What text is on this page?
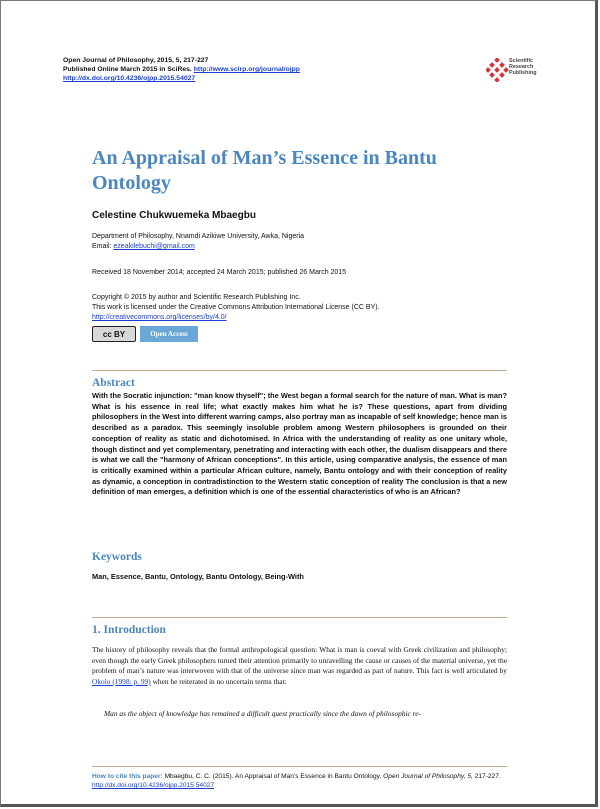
Open Journal of Philosophy, 2015, 5, 217-227
Published Online March 2015 in SciRes. http://www.scirp.org/journal/ojpp
http://dx.doi.org/10.4236/ojpp.2015.54027
Scientific
Research
Publishing
An Appraisal of Man’s Essence in Bantu Ontology
Celestine Chukwuemeka Mbaegbu
Department of Philosophy, Nnamdi Azikiwe University, Awka, Nigeria
Email: ezeakilebuchi@gmail.com
Received 18 November 2014; accepted 24 March 2015; published 26 March 2015
Copyright © 2015 by author and Scientific Research Publishing Inc.
This work is licensed under the Creative Commons Attribution International License (CC BY).
http://creativecommons.org/licenses/by/4.0/
cc BY	Open Access
Abstract
With the Socratic injunction: "man know thyself"; the West began a formal search for the nature of man. What is man? What is his essence in real life; what exactly makes him what he is? These questions, apart from dividing philosophers in the West into different warring camps, also portray man as incapable of self knowledge; hence man is described as a paradox. This seemingly insoluble problem among Western philosophers is grounded on their conception of reality as static and dichotomised. In Africa with the understanding of reality as one unitary whole, though distinct and yet complementary, penetrating and interacting with each other, the dualism disappears and there is what we call the "harmony of African conceptions". In this article, using comparative analysis, the essence of man is critically examined within a particular African culture, namely, Bantu ontology and with their conception of reality as dynamic, a conception in contradistinction to the Western static conception of reality The conclusion is that a new definition of man emerges, a definition which is one of the essential characteristics of who is an African?
Keywords
Man, Essence, Bantu, Ontology, Bantu Ontology, Being-With
1. Introduction
The history of philosophy reveals that the formal anthropological question: What is man is coeval with Greek civilization and philosophy; even though the early Greek philosophers turned their attention primarily to unravelling the cause or causes of the material universe, yet the problem of man’s nature was interwoven with that of the universe since man was regarded as part of nature. This fact is well articulated by Okolo (1998: p. 99) when he reiterated in no uncertain terms that:
Man as the object of knowledge has remained a difficult quest practically since the dawn of philosophic re-
How to cite this paper: Mbaegbu, C. C. (2015). An Appraisal of Man’s Essence in Bantu Ontology. Open Journal of Philosophy, 5, 217-227. http://dx.doi.org/10.4236/ojpp.2015.54027
